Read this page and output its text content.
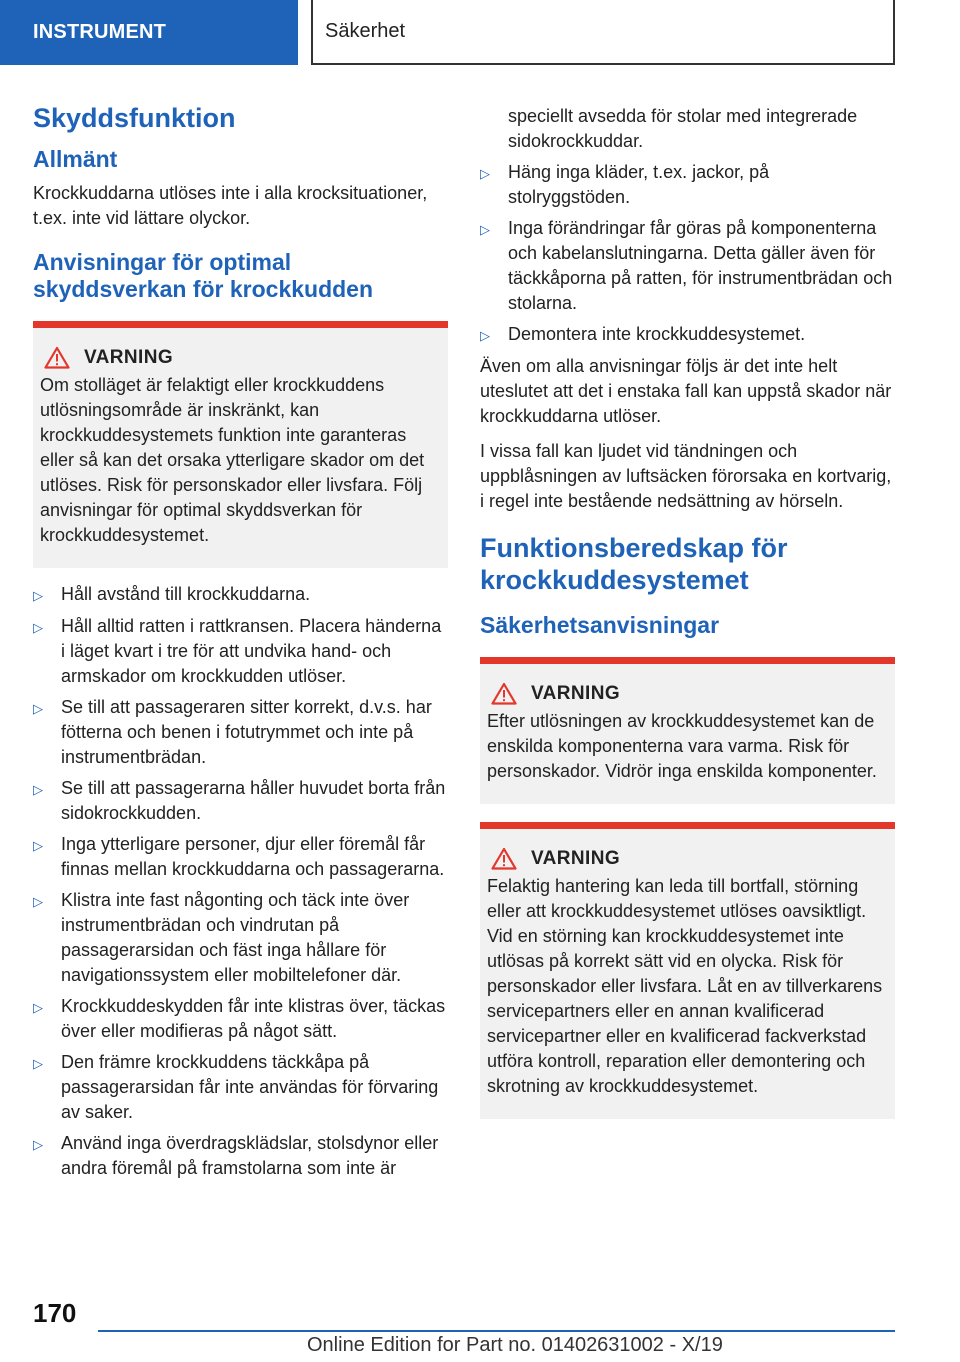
INSTRUMENT	Säkerhet
Skyddsfunktion
Allmänt

Krockkuddarna utlöses inte i alla krocksituationer, t.ex. inte vid lättare olyckor.

Anvisningar för optimal skyddsverkan för krockkudden
VARNING
Om stolläget är felaktigt eller krockkuddens utlösningsområde är inskränkt, kan krockkuddesystemets funktion inte garanteras eller så kan det orsaka ytterligare skador om det utlöses. Risk för personskador eller livsfara. Följ anvisningar för optimal skyddsverkan för krockkuddesystemet.
▷	Håll avstånd till krockkuddarna.
▷	Håll alltid ratten i rattkransen. Placera händerna i läget kvart i tre för att undvika hand- och armskador om krockkudden utlöser.
▷	Se till att passageraren sitter korrekt, d.v.s. har fötterna och benen i fotutrymmet och inte på instrumentbrädan.
▷	Se till att passagerarna håller huvudet borta från sidokrockkudden.
▷	Inga ytterligare personer, djur eller föremål får finnas mellan krockkuddarna och passagerarna.
▷	Klistra inte fast någonting och täck inte över instrumentbrädan och vindrutan på passagerarsidan och fäst inga hållare för navigationssystem eller mobiltelefoner där.
▷	Krockkuddeskydden får inte klistras över, täckas över eller modifieras på något sätt.
▷	Den främre krockkuddens täckkåpa på passagerarsidan får inte användas för förvaring av saker.
▷	Använd inga överdragsklädslar, stolsdynor eller andra föremål på framstolarna som inte är
speciellt avsedda för stolar med integrerade sidokrockkuddar.
▷	Häng inga kläder, t.ex. jackor, på stolryggstöden.
▷	Inga förändringar får göras på komponenterna och kabelanslutningarna. Detta gäller även för täckkåporna på ratten, för instrumentbrädan och stolarna.
▷	Demontera inte krockkuddesystemet.

Även om alla anvisningar följs är det inte helt uteslutet att det i enstaka fall kan uppstå skador när krockkuddarna utlöser.

I vissa fall kan ljudet vid tändningen och uppblåsningen av luftsäcken förorsaka en kortvarig, i regel inte bestående nedsättning av hörseln.

Funktionsberedskap för krockkuddesystemet
Säkerhetsanvisningar
VARNING
Efter utlösningen av krockkuddesystemet kan de enskilda komponenterna vara varma. Risk för personskador. Vidrör inga enskilda komponenter.
VARNING
Felaktig hantering kan leda till bortfall, störning eller att krockkuddesystemet utlöses oavsiktligt. Vid en störning kan krockkuddesystemet inte utlösas på korrekt sätt vid en olycka. Risk för personskador eller livsfara. Låt en av tillverkarens servicepartners eller en annan kvalificerad servicepartner eller en kvalificerad fackverkstad utföra kontroll, reparation eller demontering och skrotning av krockkuddesystemet.
170
Online Edition for Part no. 01402631002 - X/19
